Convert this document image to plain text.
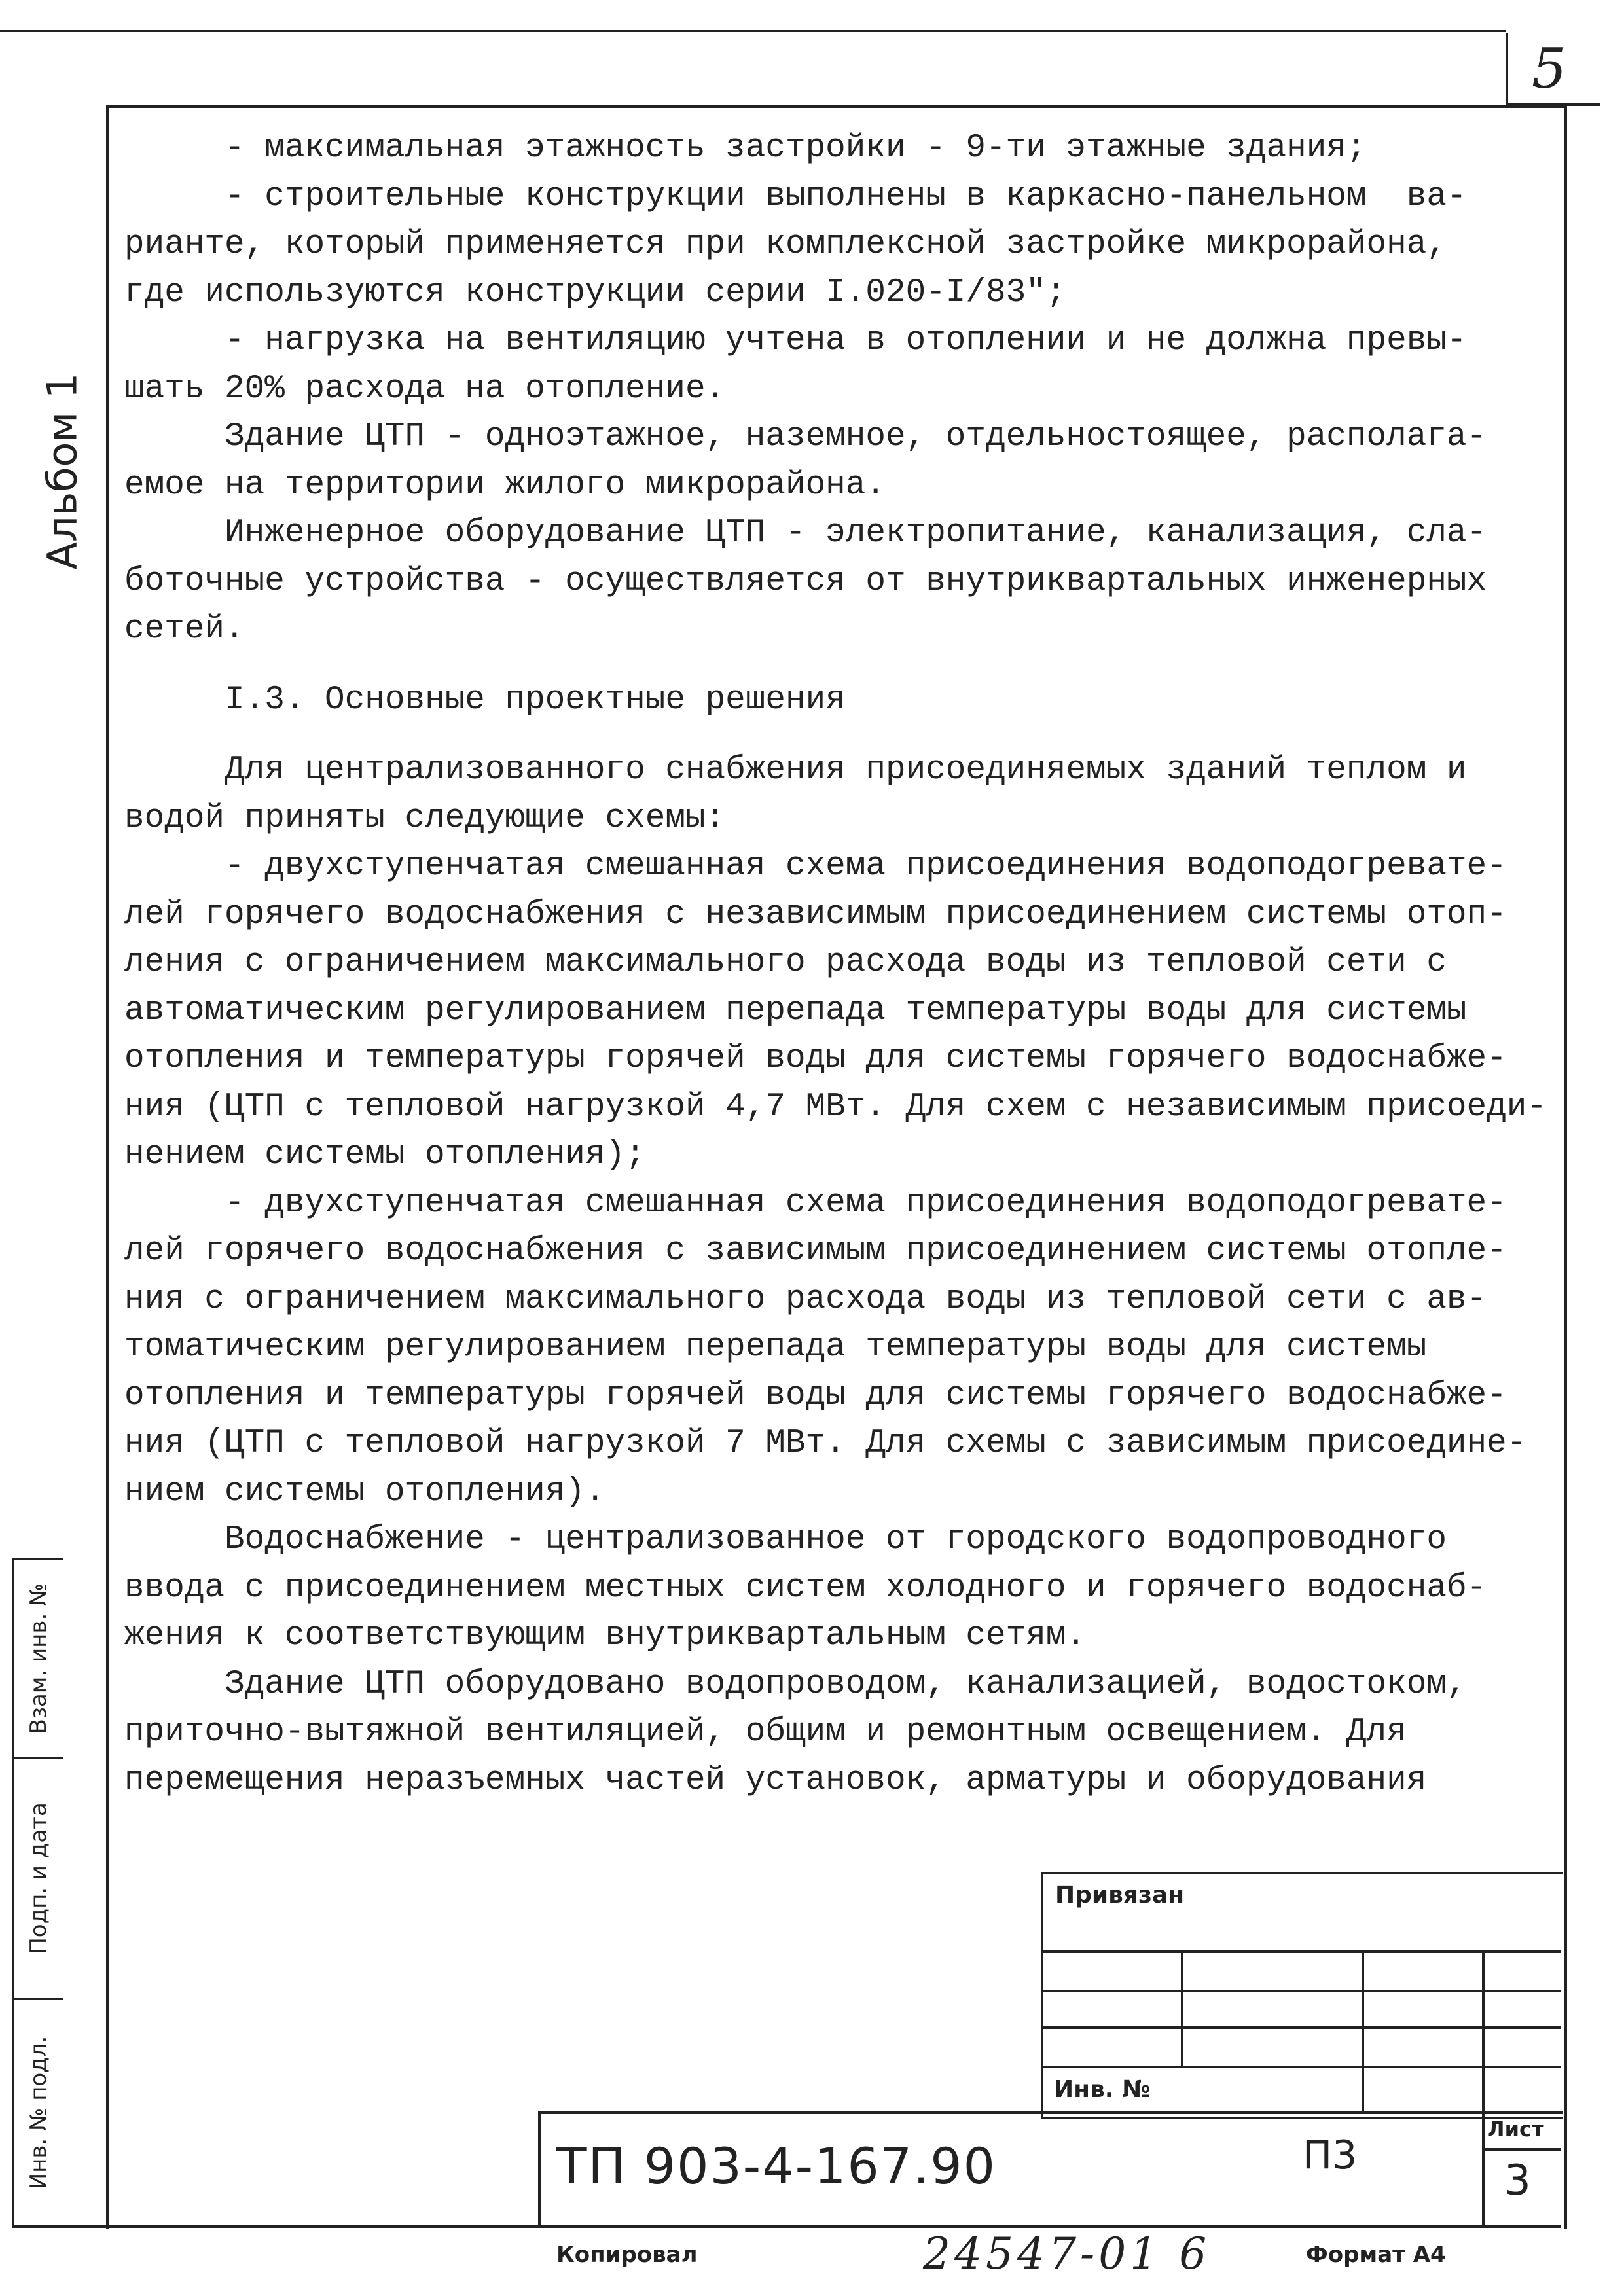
5
Альбом 1

- максимальная этажность застройки - 9-ти этажные здания;

- строительные конструкции выполнены в каркасно-панельном  ва-

рианте, который применяется при комплексной застройке микрорайона,

где используются конструкции серии I.020-I/83";

- нагрузка на вентиляцию учтена в отоплении и не должна превы-

шать 20% расхода на отопление.

Здание ЦТП - одноэтажное, наземное, отдельностоящее, располага-

емое на территории жилого микрорайона.

Инженерное оборудование ЦТП - электропитание, канализация, сла-

боточные устройства - осуществляется от внутриквартальных инженерных

сетей.

I.3. Основные проектные решения

Для централизованного снабжения присоединяемых зданий теплом и

водой приняты следующие схемы:

- двухступенчатая смешанная схема присоединения водоподогревате-

лей горячего водоснабжения с независимым присоединением системы отоп-

ления с ограничением максимального расхода воды из тепловой сети с

автоматическим регулированием перепада температуры воды для системы

отопления и температуры горячей воды для системы горячего водоснабже-

ния (ЦТП с тепловой нагрузкой 4,7 МВт. Для схем с независимым присоеди-

нением системы отопления);

- двухступенчатая смешанная схема присоединения водоподогревате-

лей горячего водоснабжения с зависимым присоединением системы отопле-

ния с ограничением максимального расхода воды из тепловой сети с ав-

томатическим регулированием перепада температуры воды для системы

отопления и температуры горячей воды для системы горячего водоснабже-

ния (ЦТП с тепловой нагрузкой 7 МВт. Для схемы с зависимым присоедине-

нием системы отопления).

Водоснабжение - централизованное от городского водопроводного

ввода с присоединением местных систем холодного и горячего водоснаб-

жения к соответствующим внутриквартальным сетям.

Здание ЦТП оборудовано водопроводом, канализацией, водостоком,

приточно-вытяжной вентиляцией, общим и ремонтным освещением. Для

перемещения неразъемных частей установок, арматуры и оборудования

Взам. инв. №
Подп. и дата
Инв. № подл.
Привязан
Инв. №
ТП 903-4-167.90	П3
Лист
3
Копировал	24547-01 6	Формат А4
